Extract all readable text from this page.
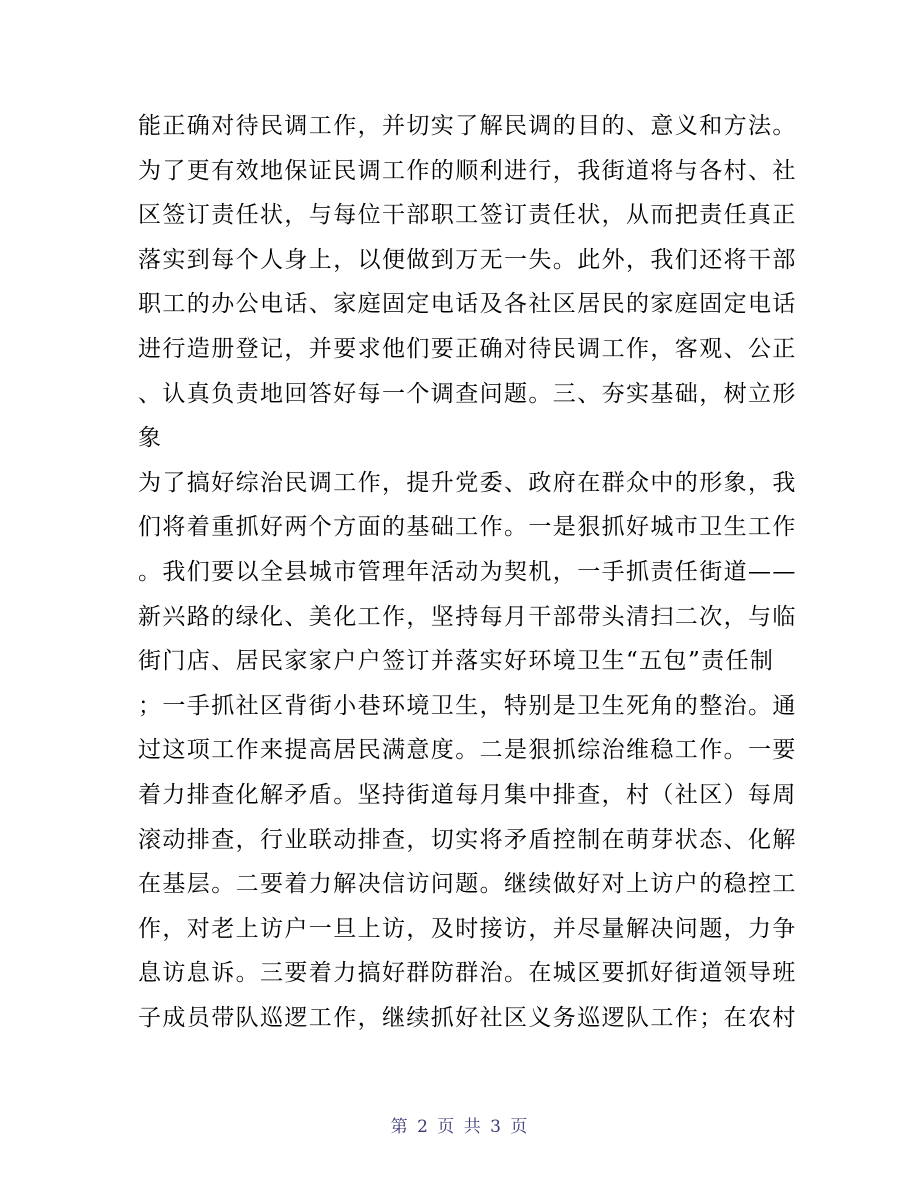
能正确对待民调工作，并切实了解民调的目的、意义和方法。
为了更有效地保证民调工作的顺利进行，我街道将与各村、社
区签订责任状，与每位干部职工签订责任状，从而把责任真正
落实到每个人身上，以便做到万无一失。此外，我们还将干部
职工的办公电话、家庭固定电话及各社区居民的家庭固定电话
进行造册登记，并要求他们要正确对待民调工作，客观、公正
、认真负责地回答好每一个调查问题。三、夯实基础，树立形
象
为了搞好综治民调工作，提升党委、政府在群众中的形象，我
们将着重抓好两个方面的基础工作。一是狠抓好城市卫生工作
。我们要以全县城市管理年活动为契机，一手抓责任街道——
新兴路的绿化、美化工作，坚持每月干部带头清扫二次，与临
街门店、居民家家户户签订并落实好环境卫生“五包”责任制
；一手抓社区背街小巷环境卫生，特别是卫生死角的整治。通
过这项工作来提高居民满意度。二是狠抓综治维稳工作。一要
着力排查化解矛盾。坚持街道每月集中排查，村（社区）每周
滚动排查，行业联动排查，切实将矛盾控制在萌芽状态、化解
在基层。二要着力解决信访问题。继续做好对上访户的稳控工
作，对老上访户一旦上访，及时接访，并尽量解决问题，力争
息访息诉。三要着力搞好群防群治。在城区要抓好街道领导班
子成员带队巡逻工作，继续抓好社区义务巡逻队工作；在农村
第 2 页 共 3 页
